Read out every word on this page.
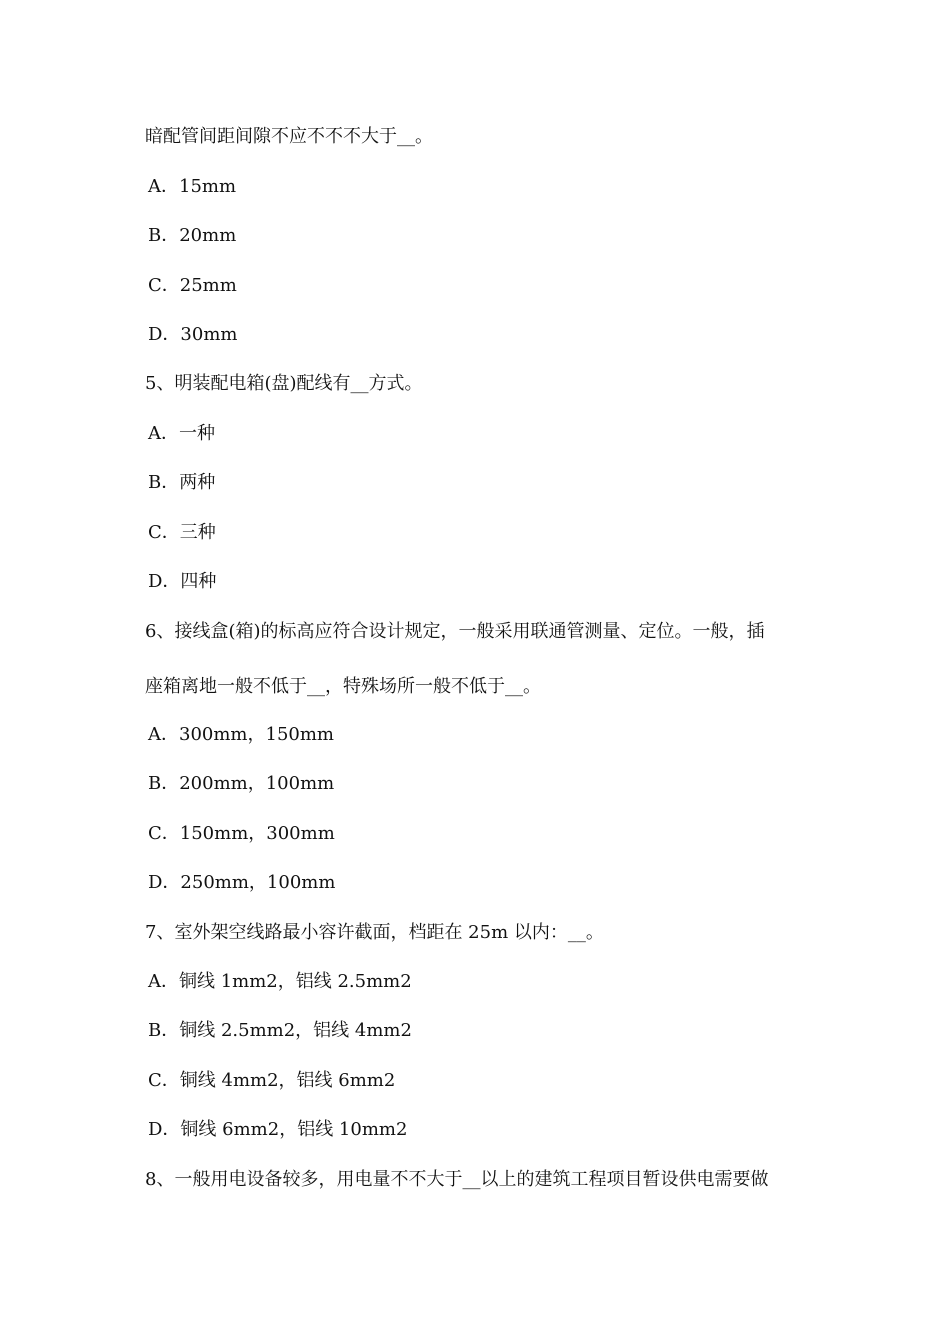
暗配管间距间隙不应不不不大于__。
A．15mm
B．20mm
C．25mm
D．30mm
5、明装配电箱(盘)配线有__方式。
A．一种
B．两种
C．三种
D．四种
6、接线盒(箱)的标高应符合设计规定，一般采用联通管测量、定位。一般，插
座箱离地一般不低于__，特殊场所一般不低于__。
A．300mm，150mm
B．200mm，100mm
C．150mm，300mm
D．250mm，100mm
7、室外架空线路最小容许截面，档距在 25m 以内：__。
A．铜线 1mm2，铝线 2.5mm2
B．铜线 2.5mm2，铝线 4mm2
C．铜线 4mm2，铝线 6mm2
D．铜线 6mm2，铝线 10mm2
8、一般用电设备较多，用电量不不大于__以上的建筑工程项目暂设供电需要做
